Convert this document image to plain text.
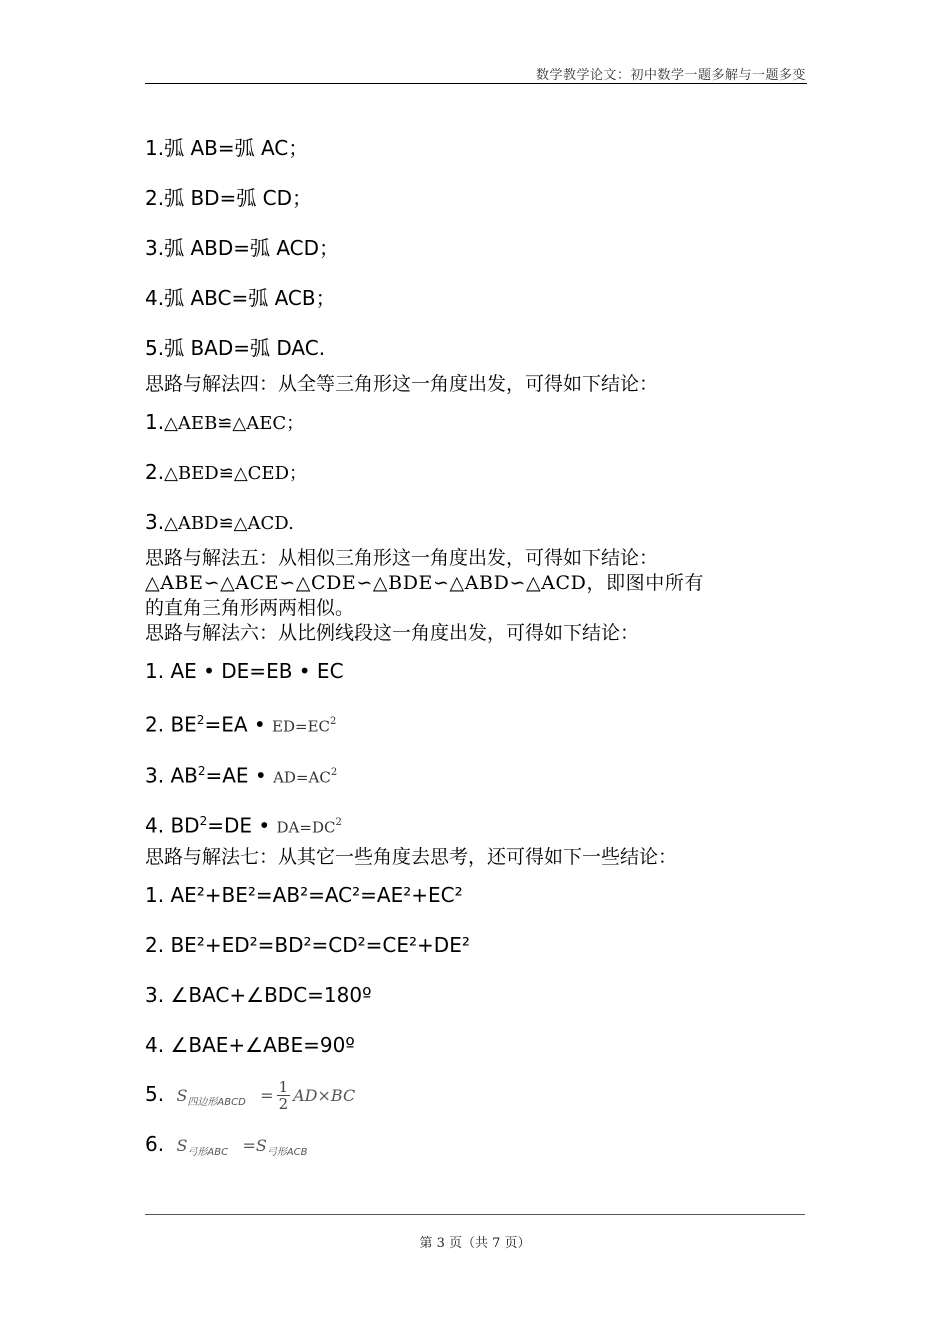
数学教学论文：初中数学一题多解与一题多变
1.弧 AB=弧 AC；
2.弧 BD=弧 CD；
3.弧 ABD=弧 ACD；
4.弧 ABC=弧 ACB；
5.弧 BAD=弧 DAC.
思路与解法四：从全等三角形这一角度出发，可得如下结论：
1.△AEB≌△AEC；
2.△BED≌△CED；
3.△ABD≌△ACD.
思路与解法五：从相似三角形这一角度出发，可得如下结论：
△ABE∽△ACE∽△CDE∽△BDE∽△ABD∽△ACD，即图中所有
的直角三角形两两相似。
思路与解法六：从比例线段这一角度出发，可得如下结论：
1. AE • DE=EB • EC
2. $BE^2=EA$ • $ED=EC^2$
3. $AB^2=AE$ • $AD=AC^2$
4. $BD^2=DE$ • $DA=DC^2$
思路与解法七：从其它一些角度去思考，还可得如下一些结论：
1. AE²+BE²=AB²=AC²=AE²+EC²
2. BE²+ED²=BD²=CD²=CE²+DE²
3. ∠BAC+∠BDC=180º
4. ∠BAE+∠ABE=90º
5. $S_{四边形ABCD} = \frac{1}{2} AD\times BC$
6. $S_{弓形ABC} =S_{弓形ACB}$
第 3 页（共 7 页）
